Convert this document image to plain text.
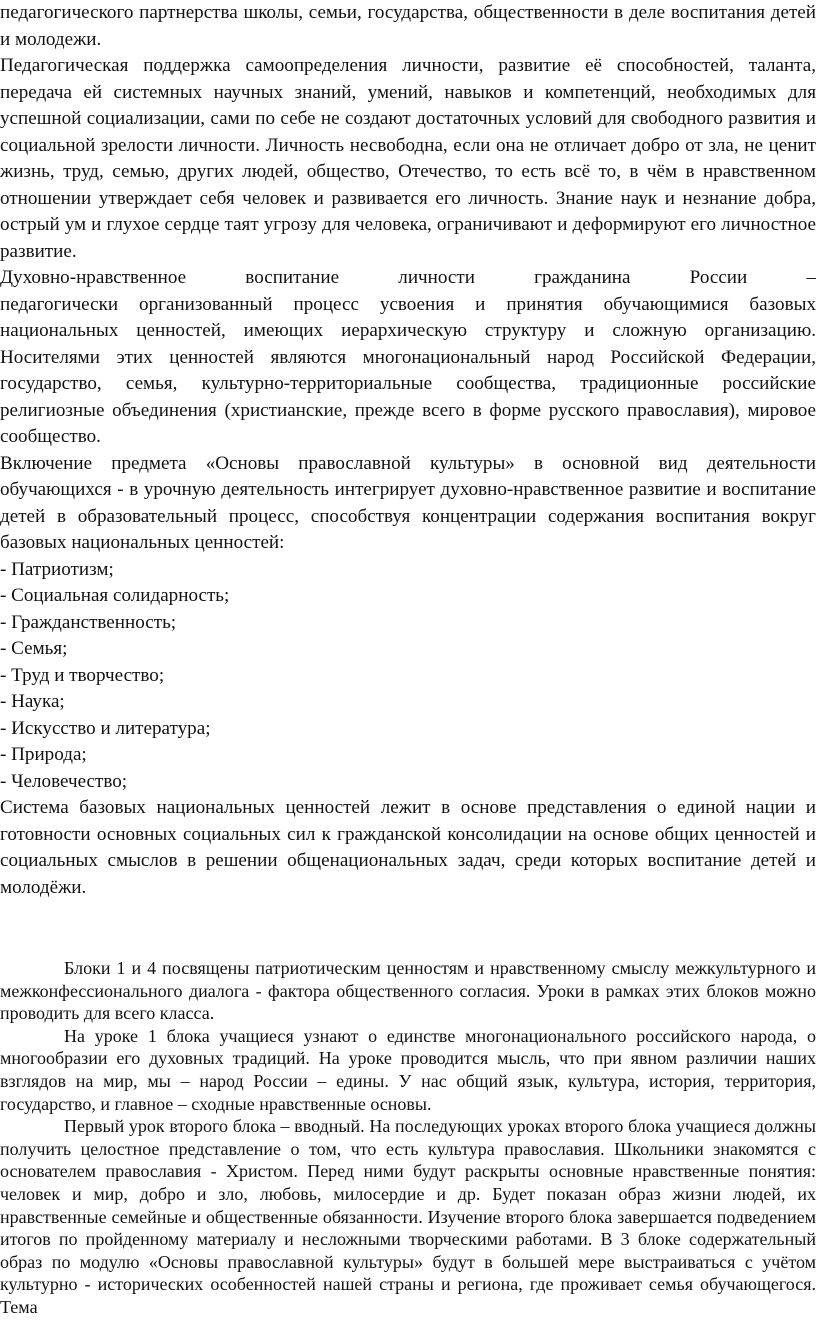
педагогического партнерства школы, семьи, государства, общественности в деле воспитания детей и молодежи.

Педагогическая поддержка самоопределения личности, развитие её способностей, таланта, передача ей системных научных знаний, умений, навыков и компетенций, необходимых для успешной социализации, сами по себе не создают достаточных условий для свободного развития и социальной зрелости личности. Личность несвободна, если она не отличает добро от зла, не ценит жизнь, труд, семью, других людей, общество, Отечество, то есть всё то, в чём в нравственном отношении утверждает себя человек и развивается его личность. Знание наук и незнание добра, острый ум и глухое сердце таят угрозу для человека, ограничивают и деформируют его личностное развитие.

Духовно-нравственное воспитание личности гражданина России –

педагогически организованный процесс усвоения и принятия обучающимися базовых национальных ценностей, имеющих иерархическую структуру и сложную организацию. Носителями этих ценностей являются многонациональный народ Российской Федерации, государство, семья, культурно-территориальные сообщества, традиционные российские религиозные объединения (христианские, прежде всего в форме русского православия), мировое сообщество.

Включение предмета «Основы православной культуры» в основной вид деятельности обучающихся - в урочную деятельность интегрирует духовно-нравственное развитие и воспитание детей в образовательный процесс, способствуя концентрации содержания воспитания вокруг базовых национальных ценностей:

- Патриотизм;
- Социальная солидарность;
- Гражданственность;
- Семья;
- Труд и творчество;
- Наука;
- Искусство и литература;
- Природа;
- Человечество;

Система базовых национальных ценностей лежит в основе представления о единой нации и готовности основных социальных сил к гражданской консолидации на основе общих ценностей и социальных смыслов в решении общенациональных задач, среди которых воспитание детей и молодёжи.

Блоки 1 и 4 посвящены патриотическим ценностям и нравственному смыслу межкультурного и межконфессионального диалога - фактора общественного согласия. Уроки в рамках этих блоков можно проводить для всего класса.

На уроке 1 блока учащиеся узнают о единстве многонационального российского народа, о многообразии его духовных традиций. На уроке проводится мысль, что при явном различии наших взглядов на мир, мы – народ России – едины. У нас общий язык, культура, история, территория, государство, и главное – сходные нравственные основы.

Первый урок второго блока – вводный. На последующих уроках второго блока учащиеся должны получить целостное представление о том, что есть культура православия. Школьники знакомятся с основателем православия - Христом. Перед ними будут раскрыты основные нравственные понятия: человек и мир, добро и зло, любовь, милосердие и др. Будет показан образ жизни людей, их нравственные семейные и общественные обязанности. Изучение второго блока завершается подведением итогов по пройденному материалу и несложными творческими работами. В 3 блоке содержательный образ по модулю «Основы православной культуры» будут в большей мере выстраиваться с учётом культурно - исторических особенностей нашей страны и региона, где проживает семья обучающегося. Тема
